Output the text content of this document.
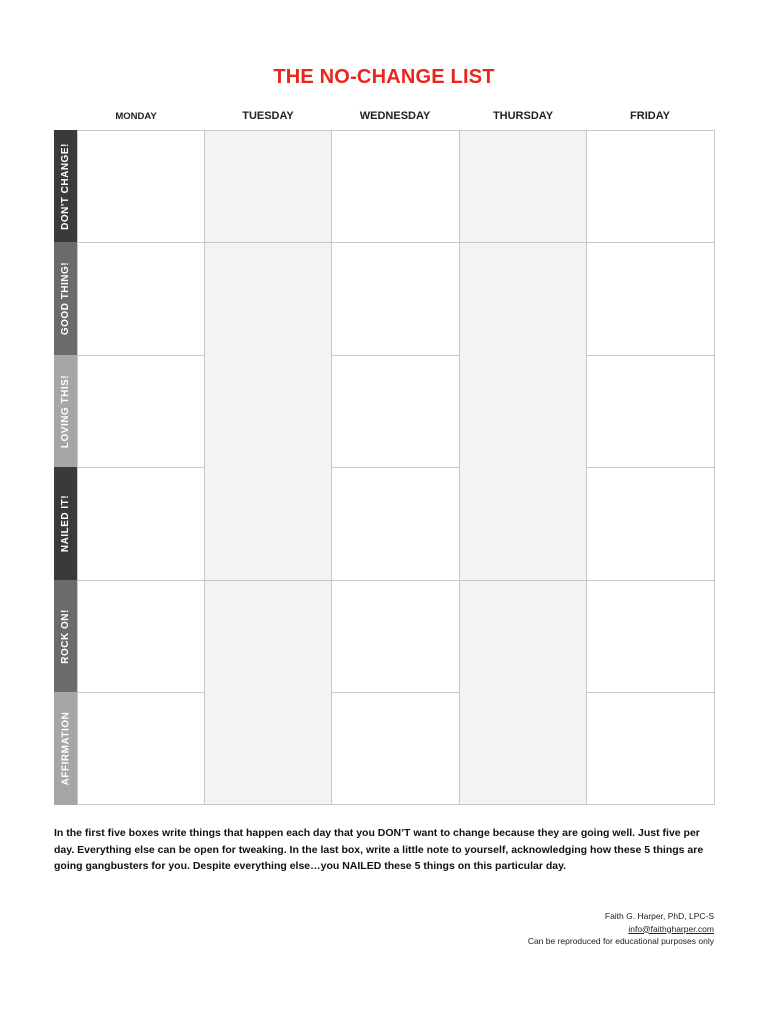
THE NO-CHANGE LIST
MONDAY	TUESDAY	WEDNESDAY	THURSDAY	FRIDAY
DON'T CHANGE!
GOOD THING!
LOVING THIS!
NAILED IT!
ROCK ON!
AFFIRMATION
In the first five boxes write things that happen each day that you DON’T want to change because they are going well. Just five per day. Everything else can be open for tweaking. In the last box, write a little note to yourself, acknowledging how these 5 things are going gangbusters for you. Despite everything else…you NAILED these 5 things on this particular day.
Faith G. Harper, PhD, LPC-S
info@faithgharper.com
Can be reproduced for educational purposes only
